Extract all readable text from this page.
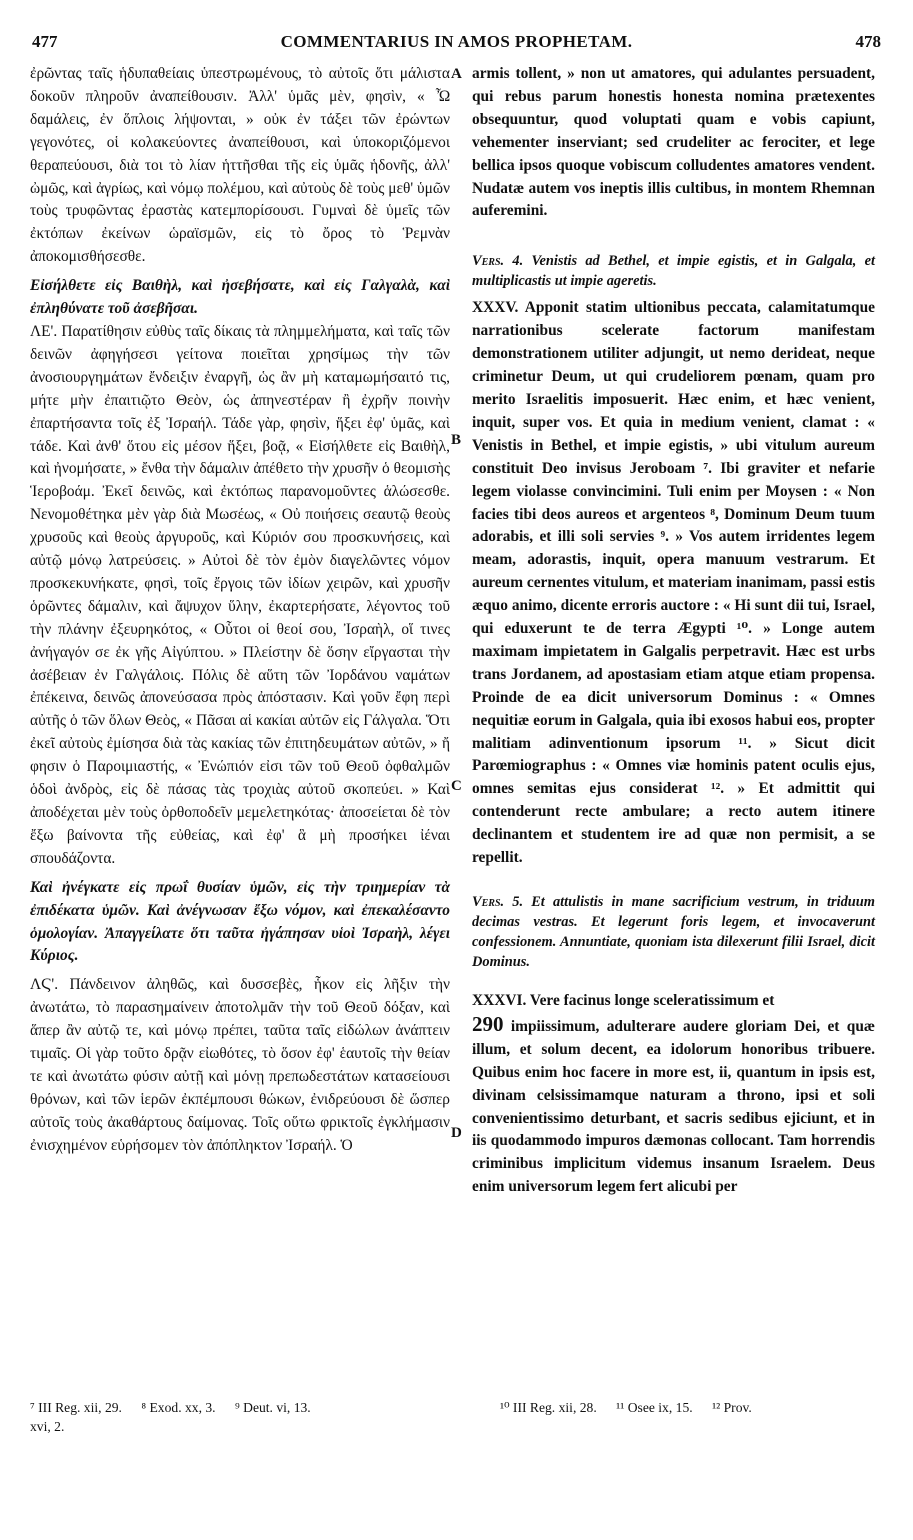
477	COMMENTARIUS IN AMOS PROPHETAM.	478
A
B
C
D

ἐρῶντας ταῖς ἡδυπαθείαις ὑπεστρωμένους, τὸ αὐτοῖς ὅτι μάλιστα δοκοῦν πληροῦν ἀναπείθουσιν. Ἀλλ' ὑμᾶς μὲν, φησὶν, « Ὦ δαμάλεις, ἐν ὅπλοις λήψονται, » οὐκ ἐν τάξει τῶν ἐρώντων γεγονότες, οἱ κολακεύοντες ἀναπείθουσι, καὶ ὑποκοριζόμενοι θεραπεύουσι, διὰ τοι τὸ λίαν ἡττῆσθαι τῆς εἰς ὑμᾶς ἡδονῆς, ἀλλ' ὠμῶς, καὶ ἀγρίως, καὶ νόμῳ πολέμου, καὶ αὐτοὺς δὲ τοὺς μεθ' ὑμῶν τοὺς τρυφῶντας ἐραστὰς κατεμπορίσουσι. Γυμναὶ δὲ ὑμεῖς τῶν ἐκτόπων ἐκείνων ὡραϊσμῶν, εἰς τὸ ὄρος τὸ Ῥεμνὰν ἀποκομισθήσεσθε.

Εἰσήλθετε εἰς Βαιθὴλ, καὶ ἠσεβήσατε, καὶ εἰς Γαλγαλὰ, καὶ ἐπληθύνατε τοῦ ἀσεβῆσαι.

ΛΕ'. Παρατίθησιν εὐθὺς ταῖς δίκαις τὰ πλημμελήματα, καὶ ταῖς τῶν δεινῶν ἀφηγήσεσι γείτονα ποιεῖται χρησίμως τὴν τῶν ἀνοσιουργημάτων ἔνδειξιν ἐναργῆ, ὡς ἂν μὴ καταμωμήσαιτό τις, μήτε μὴν ἐπαιτιῷτο Θεὸν, ὡς ἀπηνεστέραν ἢ ἐχρῆν ποινὴν ἐπαρτήσαντα τοῖς ἐξ Ἰσραήλ. Τάδε γὰρ, φησὶν, ἥξει ἐφ' ὑμᾶς, καὶ τάδε. Καὶ ἀνθ' ὅτου εἰς μέσον ἥξει, βοᾷ, « Εἰσήλθετε εἰς Βαιθὴλ, καὶ ἠνομήσατε, » ἔνθα τὴν δάμαλιν ἀπέθετο τὴν χρυσῆν ὁ θεομισὴς Ἱεροβοάμ. Ἐκεῖ δεινῶς, καὶ ἐκτόπως παρανομοῦντες ἁλώσεσθε. Νενομοθέτηκα μὲν γὰρ διὰ Μωσέως, « Οὐ ποιήσεις σεαυτῷ θεοὺς χρυσοῦς καὶ θεοὺς ἀργυροῦς, καὶ Κύριόν σου προσκυνήσεις, καὶ αὐτῷ μόνῳ λατρεύσεις. » Αὐτοὶ δὲ τὸν ἐμὸν διαγελῶντες νόμον προσκεκυνήκατε, φησὶ, τοῖς ἔργοις τῶν ἰδίων χειρῶν, καὶ χρυσῆν ὁρῶντες δάμαλιν, καὶ ἄψυχον ὕλην, ἐκαρτερήσατε, λέγοντος τοῦ τὴν πλάνην ἐξευρηκότος, « Οὗτοι οἱ θεοί σου, Ἰσραὴλ, οἵ τινες ἀνήγαγόν σε ἐκ γῆς Αἰγύπτου. » Πλείστην δὲ ὅσην εἴργασται τὴν ἀσέβειαν ἐν Γαλγάλοις. Πόλις δὲ αὕτη τῶν Ἰορδάνου ναμάτων ἐπέκεινα, δεινῶς ἀπονεύσασα πρὸς ἀπόστασιν. Καὶ γοῦν ἔφη περὶ αὐτῆς ὁ τῶν ὅλων Θεὸς, « Πᾶσαι αἱ κακίαι αὐτῶν εἰς Γάλγαλα. Ὅτι ἐκεῖ αὐτοὺς ἐμίσησα διὰ τὰς κακίας τῶν ἐπιτηδευμάτων αὐτῶν, » ἤ φησιν ὁ Παροιμιαστής, « Ἐνώπιόν εἰσι τῶν τοῦ Θεοῦ ὀφθαλμῶν ὁδοὶ ἀνδρὸς, εἰς δὲ πάσας τὰς τροχιὰς αὐτοῦ σκοπεύει. » Καὶ ἀποδέχεται μὲν τοὺς ὀρθοποδεῖν μεμελετηκότας· ἀποσείεται δὲ τὸν ἔξω βαίνοντα τῆς εὐθείας, καὶ ἐφ' ἃ μὴ προσήκει ἰέναι σπουδάζοντα.

Καὶ ἠνέγκατε εἰς πρωΐ θυσίαν ὑμῶν, εἰς τὴν τριημερίαν τὰ ἐπιδέκατα ὑμῶν. Καὶ ἀνέγνωσαν ἔξω νόμον, καὶ ἐπεκαλέσαντο ὁμολογίαν. Ἀπαγγείλατε ὅτι ταῦτα ἠγάπησαν υἱοὶ Ἰσραὴλ, λέγει Κύριος.

ΛϚ'. Πάνδεινον ἀληθῶς, καὶ δυσσεβὲς, ἧκον εἰς λῆξιν τὴν ἀνωτάτω, τὸ παρασημαίνειν ἀποτολμᾶν τὴν τοῦ Θεοῦ δόξαν, καὶ ἅπερ ἂν αὐτῷ τε, καὶ μόνῳ πρέπει, ταῦτα ταῖς εἰδώλων ἀνάπτειν τιμαῖς. Οἱ γὰρ τοῦτο δρᾷν εἰωθότες, τὸ ὅσον ἐφ' ἑαυτοῖς τὴν θείαν τε καὶ ἀνωτάτω φύσιν αὐτῇ καὶ μόνῃ πρεπωδεστάτων κατασείουσι θρόνων, καὶ τῶν ἱερῶν ἐκπέμπουσι θώκων, ἐνιδρεύουσι δὲ ὥσπερ αὐτοῖς τοὺς ἀκαθάρτους δαίμονας. Τοῖς οὕτω φρικτοῖς ἐγκλήμασιν ἐνισχημένον εὑρήσομεν τὸν ἀπόπληκτον Ἰσραήλ. Ὁ

armis tollent, » non ut amatores, qui adulantes persuadent, qui rebus parum honestis honesta nomina prætexentes obsequuntur, quod voluptati quam e vobis capiunt, vehementer inserviant; sed crudeliter ac ferociter, et lege bellica ipsos quoque vobiscum colludentes amatores vendent. Nudatæ autem vos ineptis illis cultibus, in montem Rhemnan auferemini.

Vers. 4. Venistis ad Bethel, et impie egistis, et in Galgala, et multiplicastis ut impie ageretis.

XXXV. Apponit statim ultionibus peccata, calamitatumque narrationibus scelerate factorum manifestam demonstrationem utiliter adjungit, ut nemo derideat, neque criminetur Deum, ut qui crudeliorem pœnam, quam pro merito Israelitis imposuerit. Hæc enim, et hæc venient, inquit, super vos. Et quia in medium venient, clamat : « Venistis in Bethel, et impie egistis, » ubi vitulum aureum constituit Deo invisus Jeroboam ⁷. Ibi graviter et nefarie legem violasse convincimini. Tuli enim per Moysen : « Non facies tibi deos aureos et argenteos ⁸, Dominum Deum tuum adorabis, et illi soli servies ⁹. » Vos autem irridentes legem meam, adorastis, inquit, opera manuum vestrarum. Et aureum cernentes vitulum, et materiam inanimam, passi estis æquo animo, dicente erroris auctore : « Hi sunt dii tui, Israel, qui eduxerunt te de terra Ægypti ¹⁰. » Longe autem maximam impietatem in Galgalis perpetravit. Hæc est urbs trans Jordanem, ad apostasiam etiam atque etiam propensa. Proinde de ea dicit universorum Dominus : « Omnes nequitiæ eorum in Galgala, quia ibi exosos habui eos, propter malitiam adinventionum ipsorum ¹¹. » Sicut dicit Parœmiographus : « Omnes viæ hominis patent oculis ejus, omnes semitas ejus considerat ¹². » Et admittit qui contenderunt recte ambulare; a recto autem itinere declinantem et studentem ire ad quæ non permisit, a se repellit.

Vers. 5. Et attulistis in mane sacrificium vestrum, in triduum decimas vestras. Et legerunt foris legem, et invocaverunt confessionem. Annuntiate, quoniam ista dilexerunt filii Israel, dicit Dominus.

XXXVI. Vere facinus longe sceleratissimum et
290 impiissimum, adulterare audere gloriam Dei, et quæ illum, et solum decent, ea idolorum honoribus tribuere. Quibus enim hoc facere in more est, ii, quantum in ipsis est, divinam celsissimamque naturam a throno, ipsi et soli convenientissimo deturbant, et sacris sedibus ejiciunt, et in iis quodammodo impuros dæmonas collocant. Tam horrendis criminibus implicitum videmus insanum Israelem. Deus enim universorum legem fert alicubi per

⁷ III Reg. xii, 29. ⁸ Exod. xx, 3. ⁹ Deut. vi, 13.
xvi, 2.
¹⁰ III Reg. xii, 28. ¹¹ Osee ix, 15. ¹² Prov.
